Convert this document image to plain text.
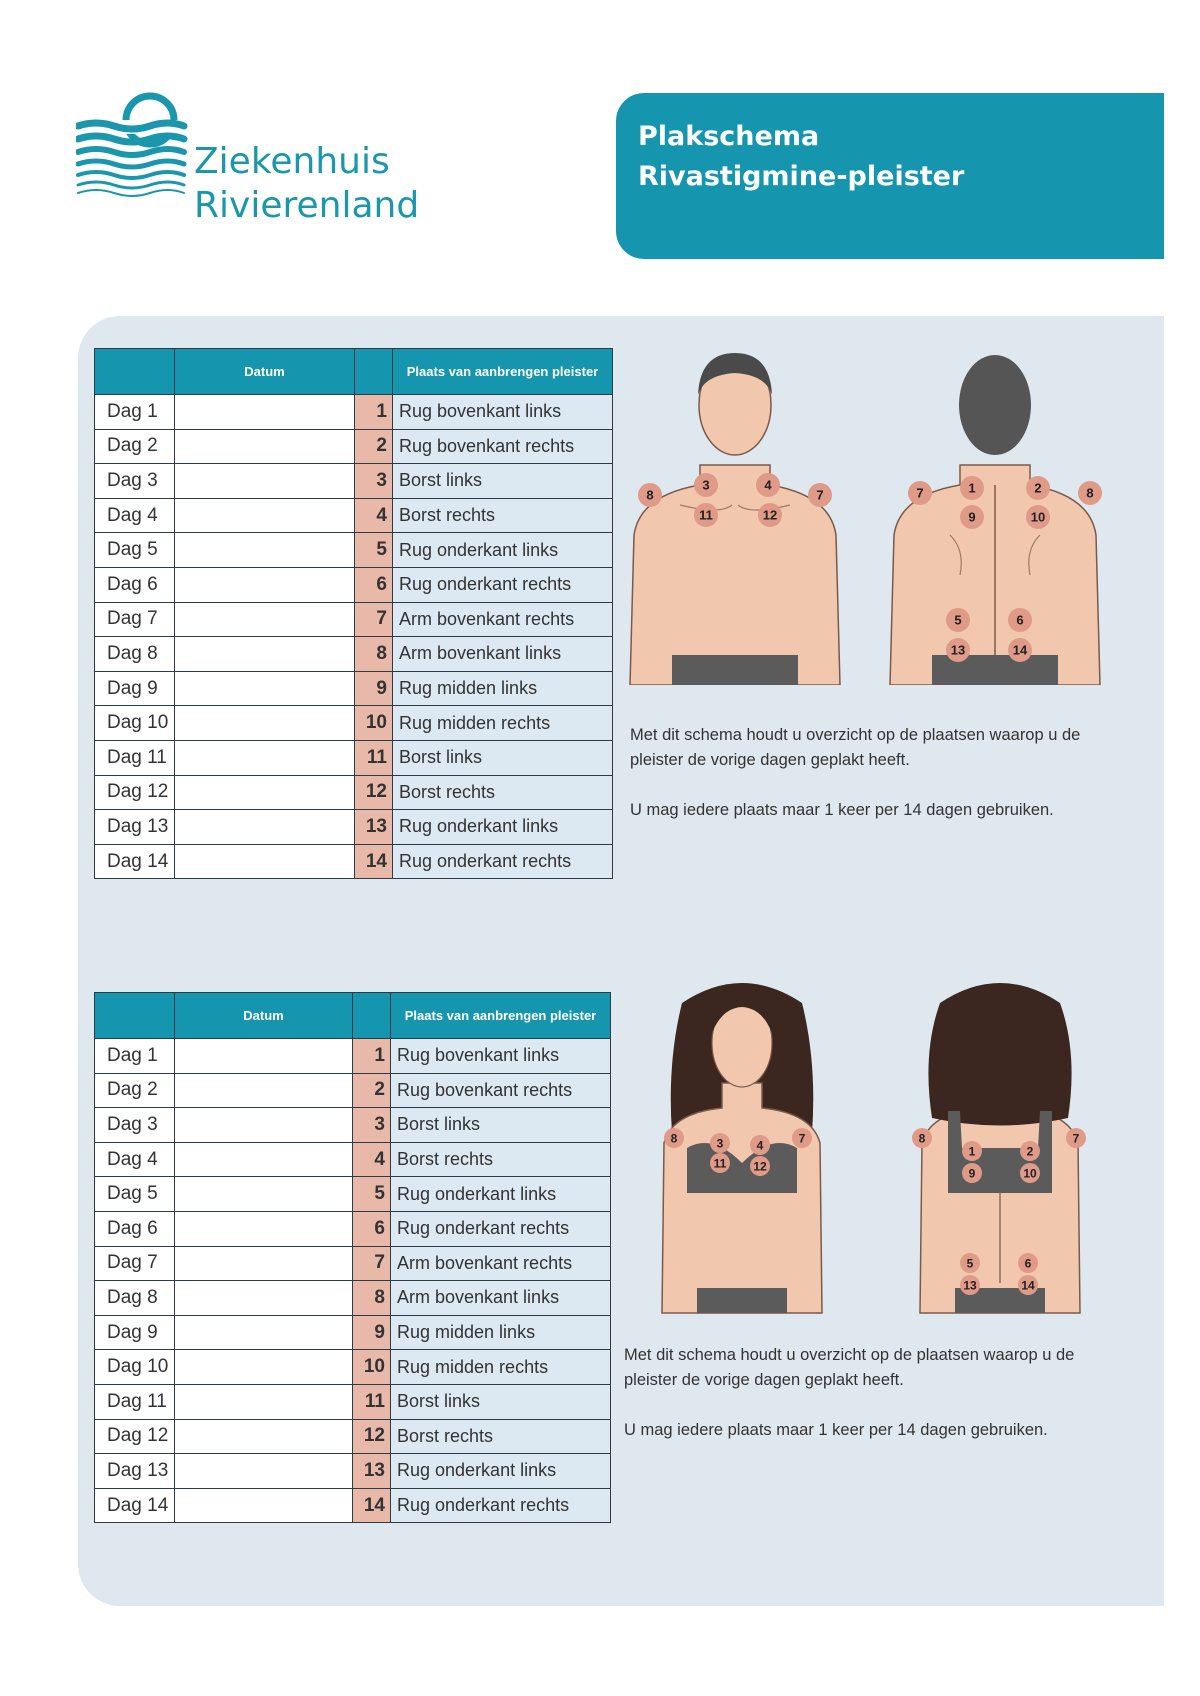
Ziekenhuis
Rivierenland
Plakschema
Rivastigmine-pleister
	Datum		Plaats van aanbrengen pleister
Dag 1		1	Rug bovenkant links
Dag 2		2	Rug bovenkant rechts
Dag 3		3	Borst links
Dag 4		4	Borst rechts
Dag 5		5	Rug onderkant links
Dag 6		6	Rug onderkant rechts
Dag 7		7	Arm bovenkant rechts
Dag 8		8	Arm bovenkant links
Dag 9		9	Rug midden links
Dag 10		10	Rug midden rechts
Dag 11		11	Borst links
Dag 12		12	Borst rechts
Dag 13		13	Rug onderkant links
Dag 14		14	Rug onderkant rechts
	Datum		Plaats van aanbrengen pleister
Dag 1		1	Rug bovenkant links
Dag 2		2	Rug bovenkant rechts
Dag 3		3	Borst links
Dag 4		4	Borst rechts
Dag 5		5	Rug onderkant links
Dag 6		6	Rug onderkant rechts
Dag 7		7	Arm bovenkant rechts
Dag 8		8	Arm bovenkant links
Dag 9		9	Rug midden links
Dag 10		10	Rug midden rechts
Dag 11		11	Borst links
Dag 12		12	Borst rechts
Dag 13		13	Rug onderkant links
Dag 14		14	Rug onderkant rechts
8
3	4
7
11	12
7	1	2	8
9	10
5	6
13	14
8	3	4	7
11 12
7
1	2
8
9	10
5	6
13	14

Met dit schema houdt u overzicht op de plaatsen waarop u de pleister de vorige dagen geplakt heeft.

U mag iedere plaats maar 1 keer per 14 dagen gebruiken.

Met dit schema houdt u overzicht op de plaatsen waarop u de pleister de vorige dagen geplakt heeft.

U mag iedere plaats maar 1 keer per 14 dagen gebruiken.
